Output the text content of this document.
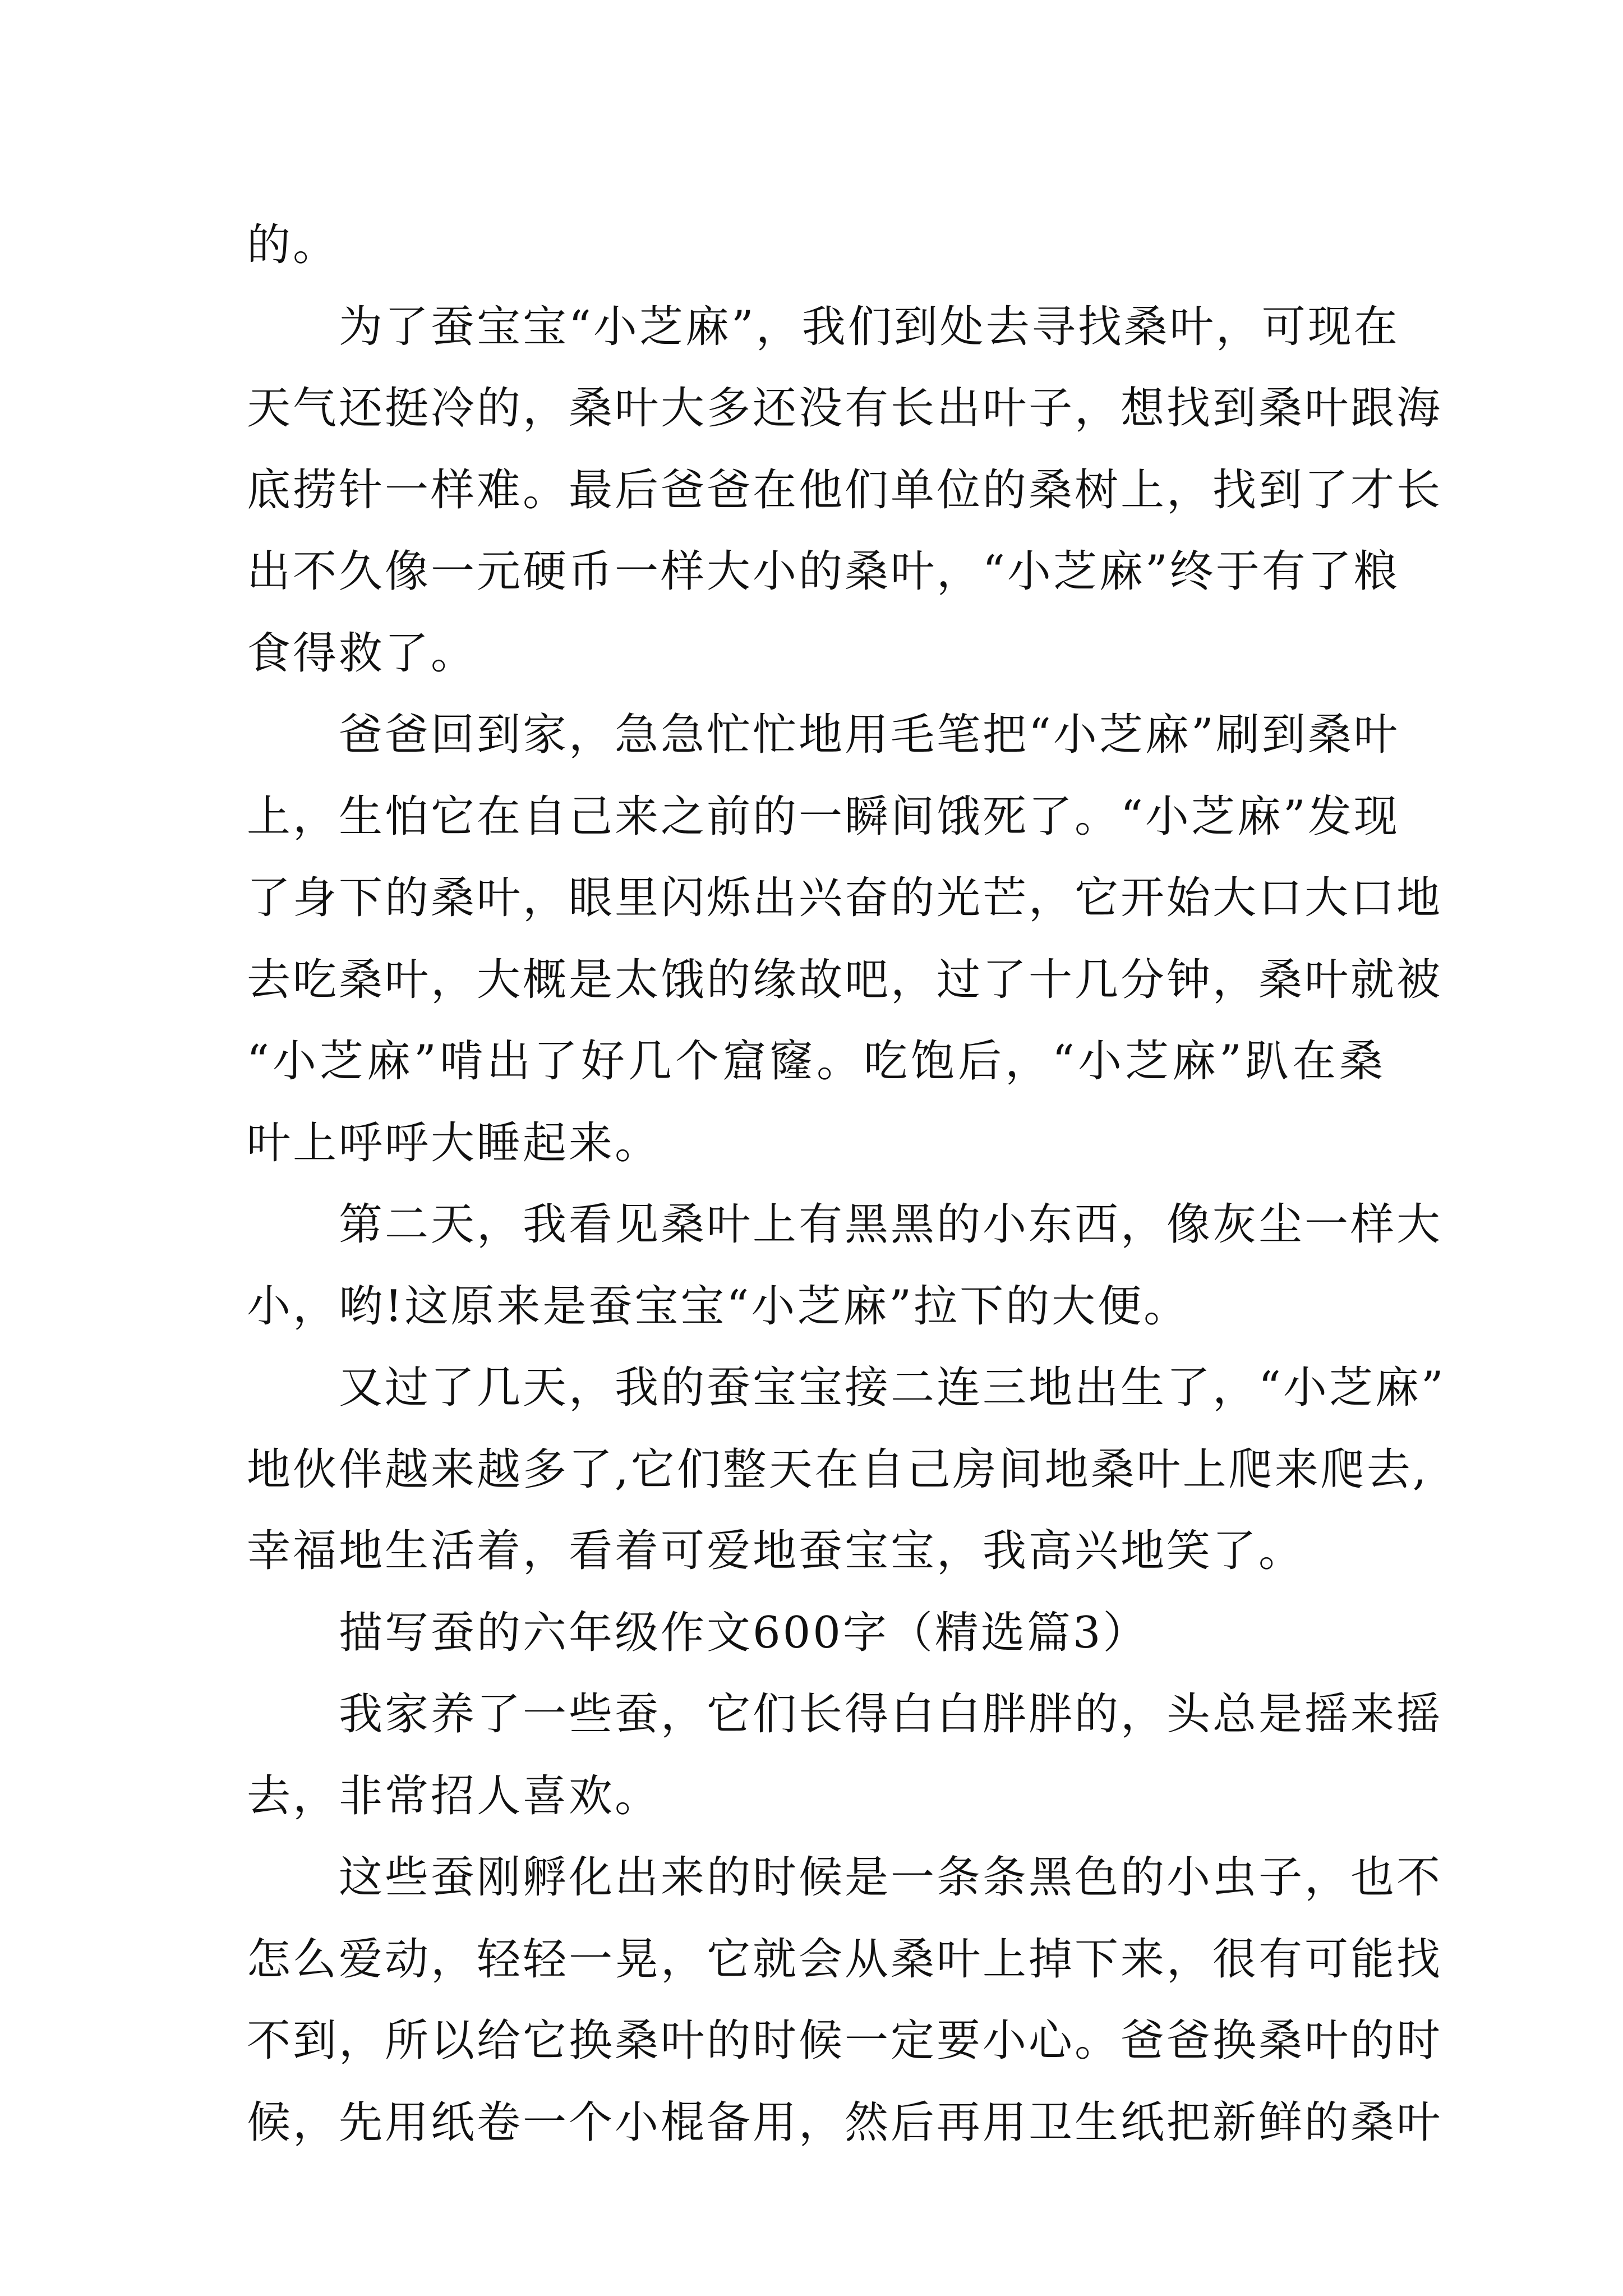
的。
为了蚕宝宝“小芝麻”，我们到处去寻找桑叶，可现在
天气还挺冷的，桑叶大多还没有长出叶子，想找到桑叶跟海
底捞针一样难。最后爸爸在他们单位的桑树上，找到了才长
出不久像一元硬币一样大小的桑叶，“小芝麻”终于有了粮
食得救了。
爸爸回到家，急急忙忙地用毛笔把“小芝麻”刷到桑叶
上，生怕它在自己来之前的一瞬间饿死了。“小芝麻”发现
了身下的桑叶，眼里闪烁出兴奋的光芒，它开始大口大口地
去吃桑叶，大概是太饿的缘故吧，过了十几分钟，桑叶就被
“小芝麻”啃出了好几个窟窿。吃饱后，“小芝麻”趴在桑
叶上呼呼大睡起来。
第二天，我看见桑叶上有黑黑的小东西，像灰尘一样大
小，哟!这原来是蚕宝宝“小芝麻”拉下的大便。
又过了几天，我的蚕宝宝接二连三地出生了，“小芝麻”
地伙伴越来越多了,它们整天在自己房间地桑叶上爬来爬去,
幸福地生活着，看着可爱地蚕宝宝，我高兴地笑了。
描写蚕的六年级作文600字（精选篇3）
我家养了一些蚕，它们长得白白胖胖的，头总是摇来摇
去，非常招人喜欢。
这些蚕刚孵化出来的时候是一条条黑色的小虫子，也不
怎么爱动，轻轻一晃，它就会从桑叶上掉下来，很有可能找
不到，所以给它换桑叶的时候一定要小心。爸爸换桑叶的时
候，先用纸卷一个小棍备用，然后再用卫生纸把新鲜的桑叶
